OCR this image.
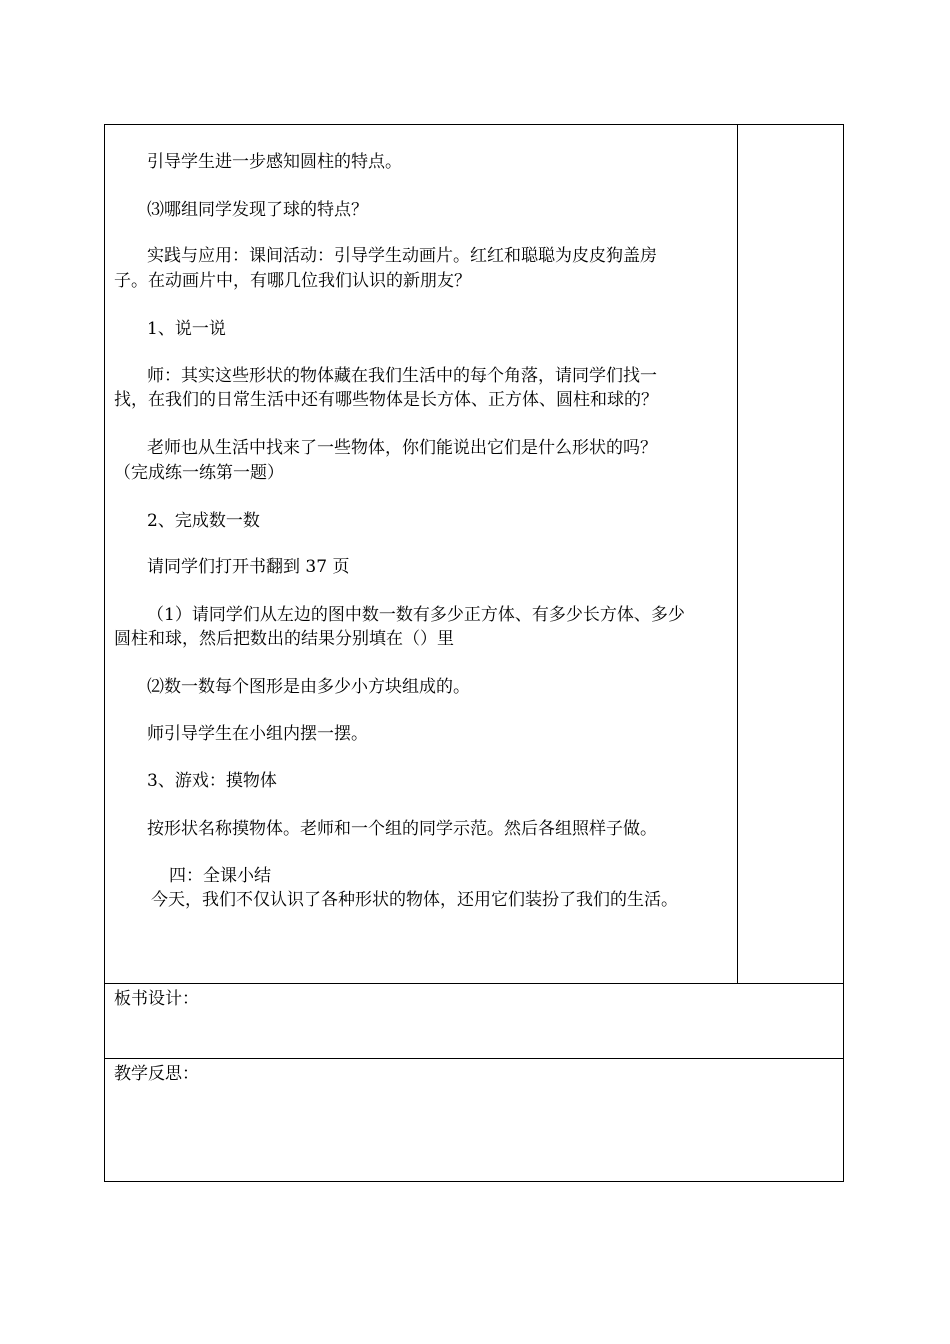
引导学生进一步感知圆柱的特点。
⑶哪组同学发现了球的特点？
实践与应用：课间活动：引导学生动画片。红红和聪聪为皮皮狗盖房
子。在动画片中，有哪几位我们认识的新朋友？
1、说一说
师：其实这些形状的物体藏在我们生活中的每个角落，请同学们找一
找，在我们的日常生活中还有哪些物体是长方体、正方体、圆柱和球的？
老师也从生活中找来了一些物体，你们能说出它们是什么形状的吗？
（完成练一练第一题）
2、完成数一数
请同学们打开书翻到 37 页
（1）请同学们从左边的图中数一数有多少正方体、有多少长方体、多少
圆柱和球，然后把数出的结果分别填在（）里
⑵数一数每个图形是由多少小方块组成的。
师引导学生在小组内摆一摆。
3、游戏：摸物体
按形状名称摸物体。老师和一个组的同学示范。然后各组照样子做。
四：全课小结
今天，我们不仅认识了各种形状的物体，还用它们装扮了我们的生活。
板书设计：
教学反思：
